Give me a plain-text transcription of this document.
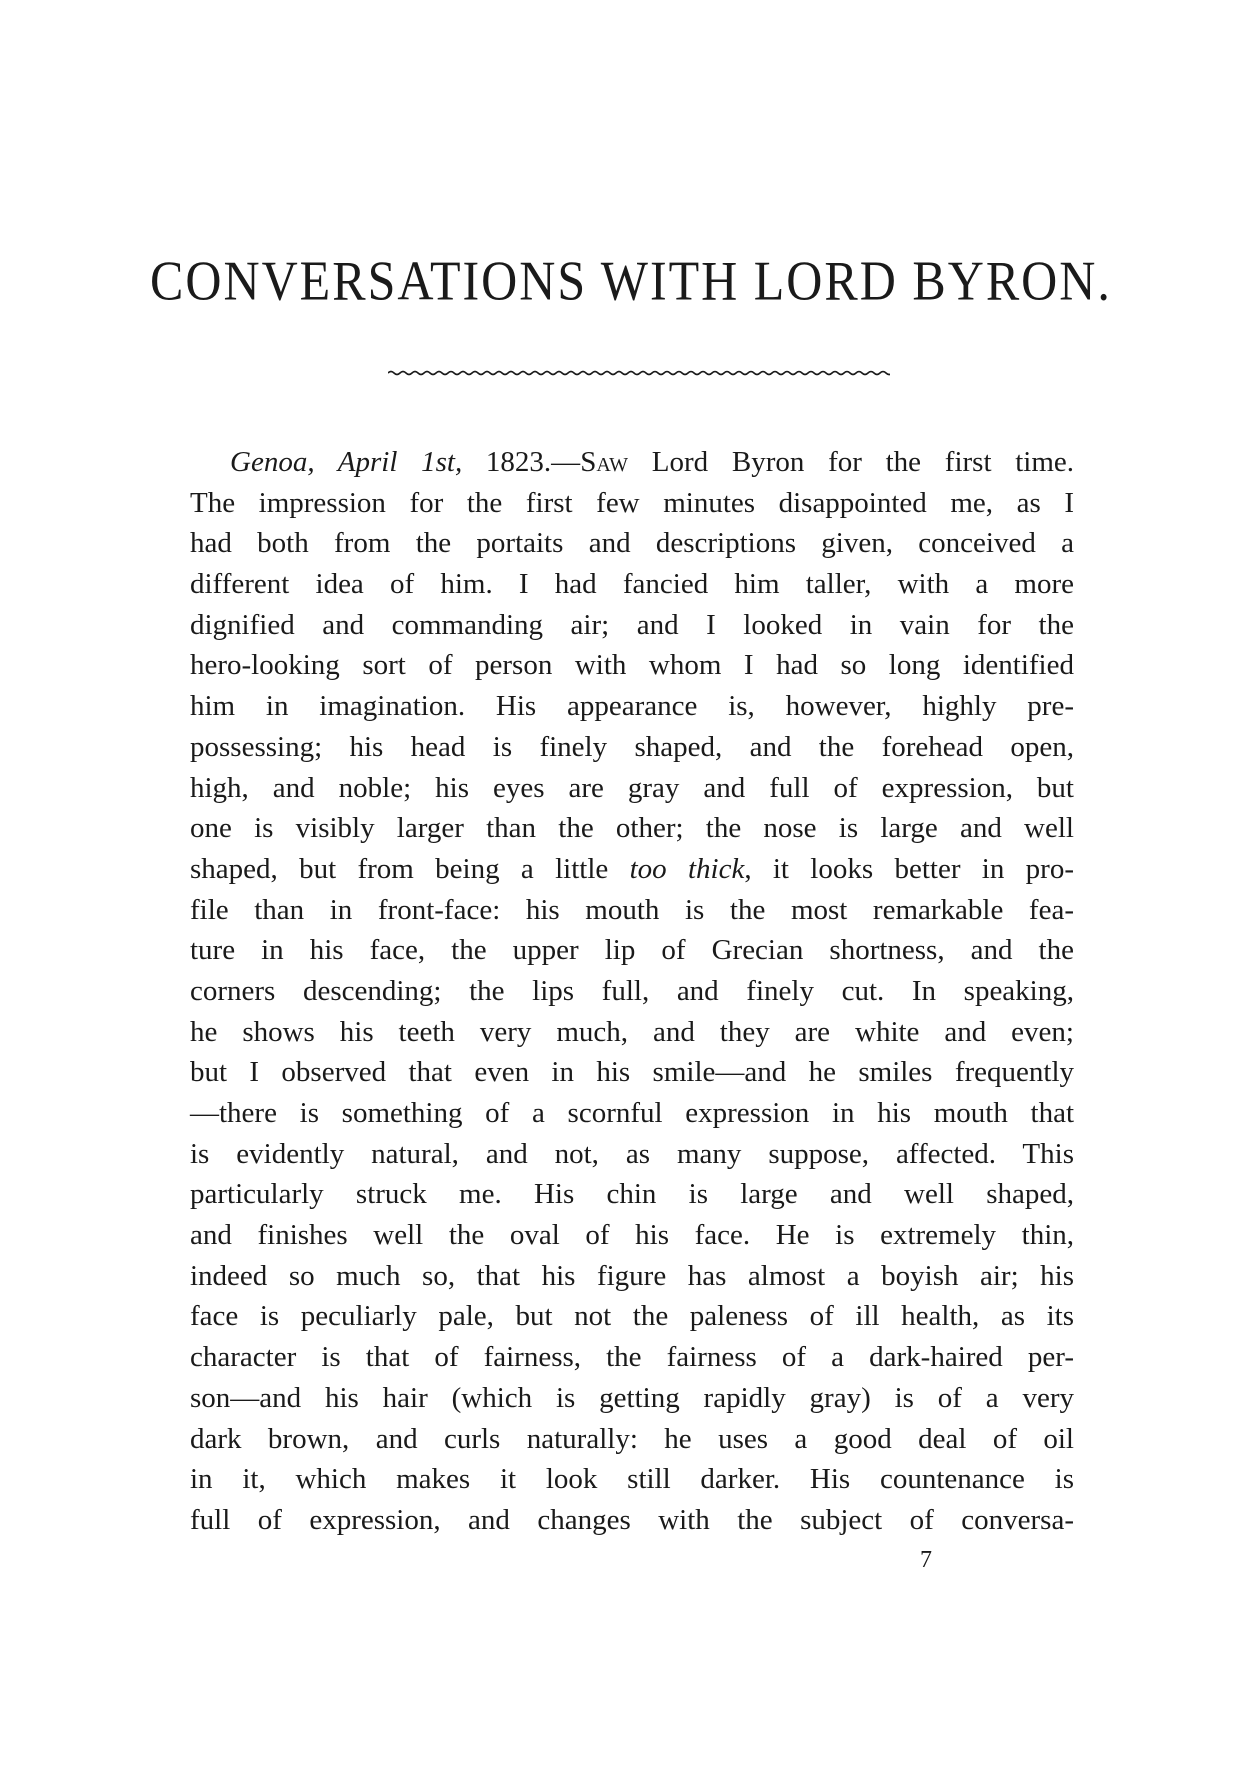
CONVERSATIONS WITH LORD BYRON.
Genoa, April 1st, 1823.—Saw Lord Byron for the first time.
The impression for the first few minutes disappointed me, as I
had both from the portaits and descriptions given, conceived a
different idea of him. I had fancied him taller, with a more
dignified and commanding air; and I looked in vain for the
hero-looking sort of person with whom I had so long identified
him in imagination. His appearance is, however, highly pre-
possessing; his head is finely shaped, and the forehead open,
high, and noble; his eyes are gray and full of expression, but
one is visibly larger than the other; the nose is large and well
shaped, but from being a little too thick, it looks better in pro-
file than in front-face: his mouth is the most remarkable fea-
ture in his face, the upper lip of Grecian shortness, and the
corners descending; the lips full, and finely cut. In speaking,
he shows his teeth very much, and they are white and even;
but I observed that even in his smile—and he smiles frequently
—there is something of a scornful expression in his mouth that
is evidently natural, and not, as many suppose, affected. This
particularly struck me. His chin is large and well shaped,
and finishes well the oval of his face. He is extremely thin,
indeed so much so, that his figure has almost a boyish air; his
face is peculiarly pale, but not the paleness of ill health, as its
character is that of fairness, the fairness of a dark-haired per-
son—and his hair (which is getting rapidly gray) is of a very
dark brown, and curls naturally: he uses a good deal of oil
in it, which makes it look still darker. His countenance is
full of expression, and changes with the subject of conversa-
7
